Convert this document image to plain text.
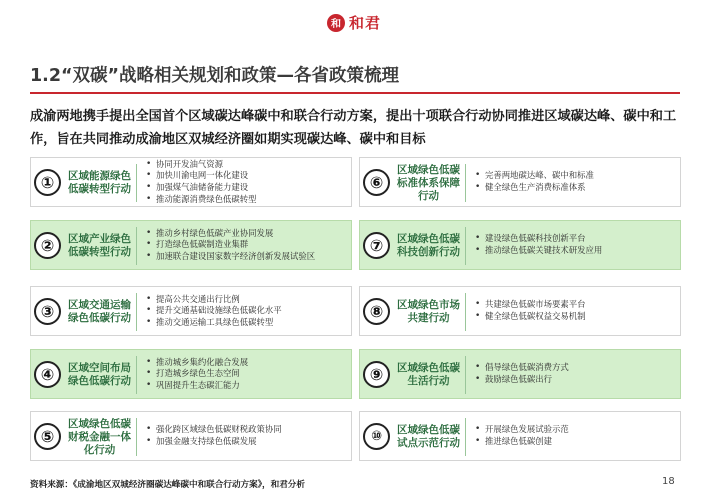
和 和君
1.2“双碳”战略相关规划和政策—各省政策梳理
成渝两地携手提出全国首个区域碳达峰碳中和联合行动方案，提出十项联合行动协同推进区域碳达峰、碳中和工作，旨在共同推动成渝地区双城经济圈如期实现碳达峰、碳中和目标
①	区域能源绿色低碳转型行动
• 协同开发油气资源
• 加快川渝电网一体化建设
• 加强煤气油储备能力建设
• 推动能源消费绿色低碳转型
②	区域产业绿色低碳转型行动
• 推动乡村绿色低碳产业协同发展
• 打造绿色低碳制造业集群
• 加速联合建设国家数字经济创新发展试验区
③	区域交通运输绿色低碳行动
• 提高公共交通出行比例
• 提升交通基础设施绿色低碳化水平
• 推动交通运输工具绿色低碳转型
④	区域空间布局绿色低碳行动
• 推动城乡集约化融合发展
• 打造城乡绿色生态空间
• 巩固提升生态碳汇能力
⑤
区域绿色低碳财税金融一体化行动
• 强化跨区域绿色低碳财税政策协同
• 加强金融支持绿色低碳发展
⑥
区域绿色低碳标准体系保障行动
• 完善两地碳达峰、碳中和标准
• 健全绿色生产消费标准体系
⑦	区域绿色低碳科技创新行动
• 建设绿色低碳科技创新平台
• 推动绿色低碳关键技术研发应用
⑧	区域绿色市场共建行动
• 共建绿色低碳市场要素平台
• 健全绿色低碳权益交易机制
⑨	区域绿色低碳生活行动
• 倡导绿色低碳消费方式
• 鼓励绿色低碳出行
⑩	区域绿色低碳试点示范行动
• 开展绿色发展试验示范
• 推进绿色低碳创建
资料来源：《成渝地区双城经济圈碳达峰碳中和联合行动方案》，和君分析	18
